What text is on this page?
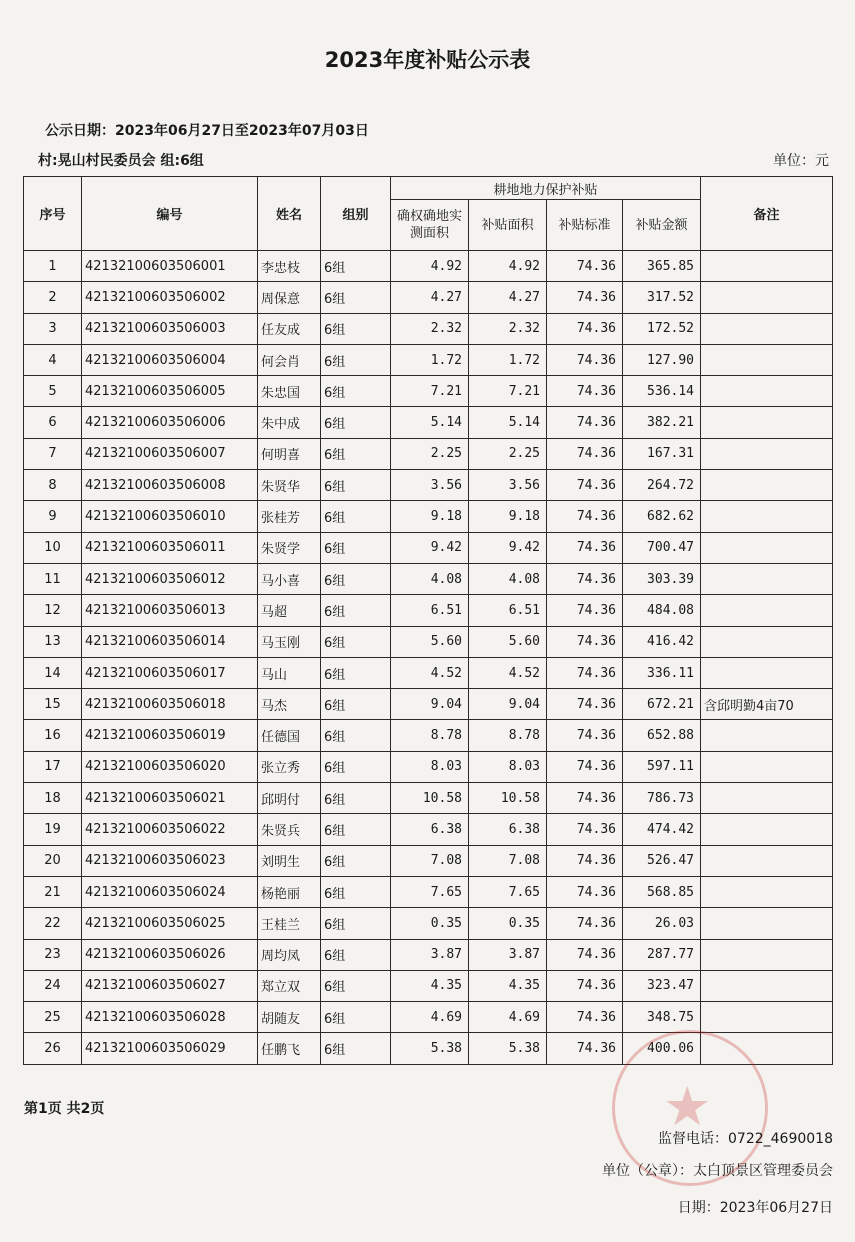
2023年度补贴公示表
公示日期：2023年06月27日至2023年07月03日
村:晃山村民委员会 组:6组	单位：元
序号	编号	姓名	组别	耕地地力保护补贴				备注
				确权确地实测面积	补贴面积	补贴标准	补贴金额	
1	42132100603506001	李忠枝	6组	4.92	4.92	74.36	365.85	
2	42132100603506002	周保意	6组	4.27	4.27	74.36	317.52	
3	42132100603506003	任友成	6组	2.32	2.32	74.36	172.52	
4	42132100603506004	何会肖	6组	1.72	1.72	74.36	127.90	
5	42132100603506005	朱忠国	6组	7.21	7.21	74.36	536.14	
6	42132100603506006	朱中成	6组	5.14	5.14	74.36	382.21	
7	42132100603506007	何明喜	6组	2.25	2.25	74.36	167.31	
8	42132100603506008	朱贤华	6组	3.56	3.56	74.36	264.72	
9	42132100603506010	张桂芳	6组	9.18	9.18	74.36	682.62	
10	42132100603506011	朱贤学	6组	9.42	9.42	74.36	700.47	
11	42132100603506012	马小喜	6组	4.08	4.08	74.36	303.39	
12	42132100603506013	马超	6组	6.51	6.51	74.36	484.08	
13	42132100603506014	马玉刚	6组	5.60	5.60	74.36	416.42	
14	42132100603506017	马山	6组	4.52	4.52	74.36	336.11	
15	42132100603506018	马杰	6组	9.04	9.04	74.36	672.21	含邱明勤4亩70
16	42132100603506019	任德国	6组	8.78	8.78	74.36	652.88	
17	42132100603506020	张立秀	6组	8.03	8.03	74.36	597.11	
18	42132100603506021	邱明付	6组	10.58	10.58	74.36	786.73	
19	42132100603506022	朱贤兵	6组	6.38	6.38	74.36	474.42	
20	42132100603506023	刘明生	6组	7.08	7.08	74.36	526.47	
21	42132100603506024	杨艳丽	6组	7.65	7.65	74.36	568.85	
22	42132100603506025	王桂兰	6组	0.35	0.35	74.36	26.03	
23	42132100603506026	周均凤	6组	3.87	3.87	74.36	287.77	
24	42132100603506027	郑立双	6组	4.35	4.35	74.36	323.47	
25	42132100603506028	胡随友	6组	4.69	4.69	74.36	348.75	
26	42132100603506029	任鹏飞	6组	5.38	5.38	74.36	400.06	
第1页 共2页	★
监督电话：0722_4690018
单位（公章）：太白顶景区管理委员会
日期：2023年06月27日
